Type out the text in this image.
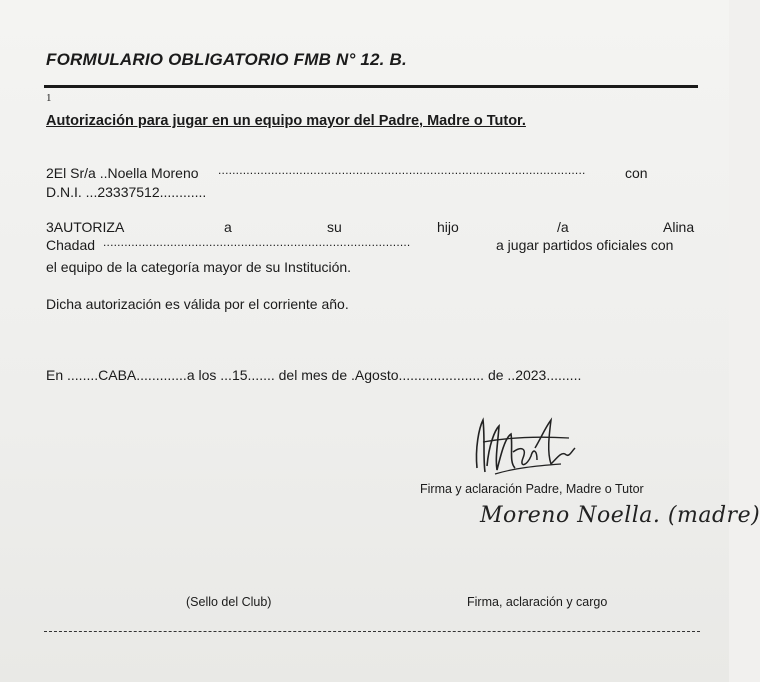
FORMULARIO OBLIGATORIO FMB N° 12. B.
1
Autorización para jugar en un equipo mayor del Padre, Madre o Tutor.
2El Sr/a ..Noella Moreno ........................................................................................................	con
D.N.I. ...23337512............
3AUTORIZA	a	su	hijo	/a	Alina
Chadad .......................................................................................	a jugar partidos oficiales con
el equipo de la categoría mayor de su Institución.
Dicha autorización es válida por el corriente año.
En ........CABA.............a los ...15....... del mes de .Agosto...................... de ..2023.........
Firma y aclaración Padre, Madre o Tutor
Moreno Noella. (madre)
(Sello del Club)	Firma, aclaración y cargo
